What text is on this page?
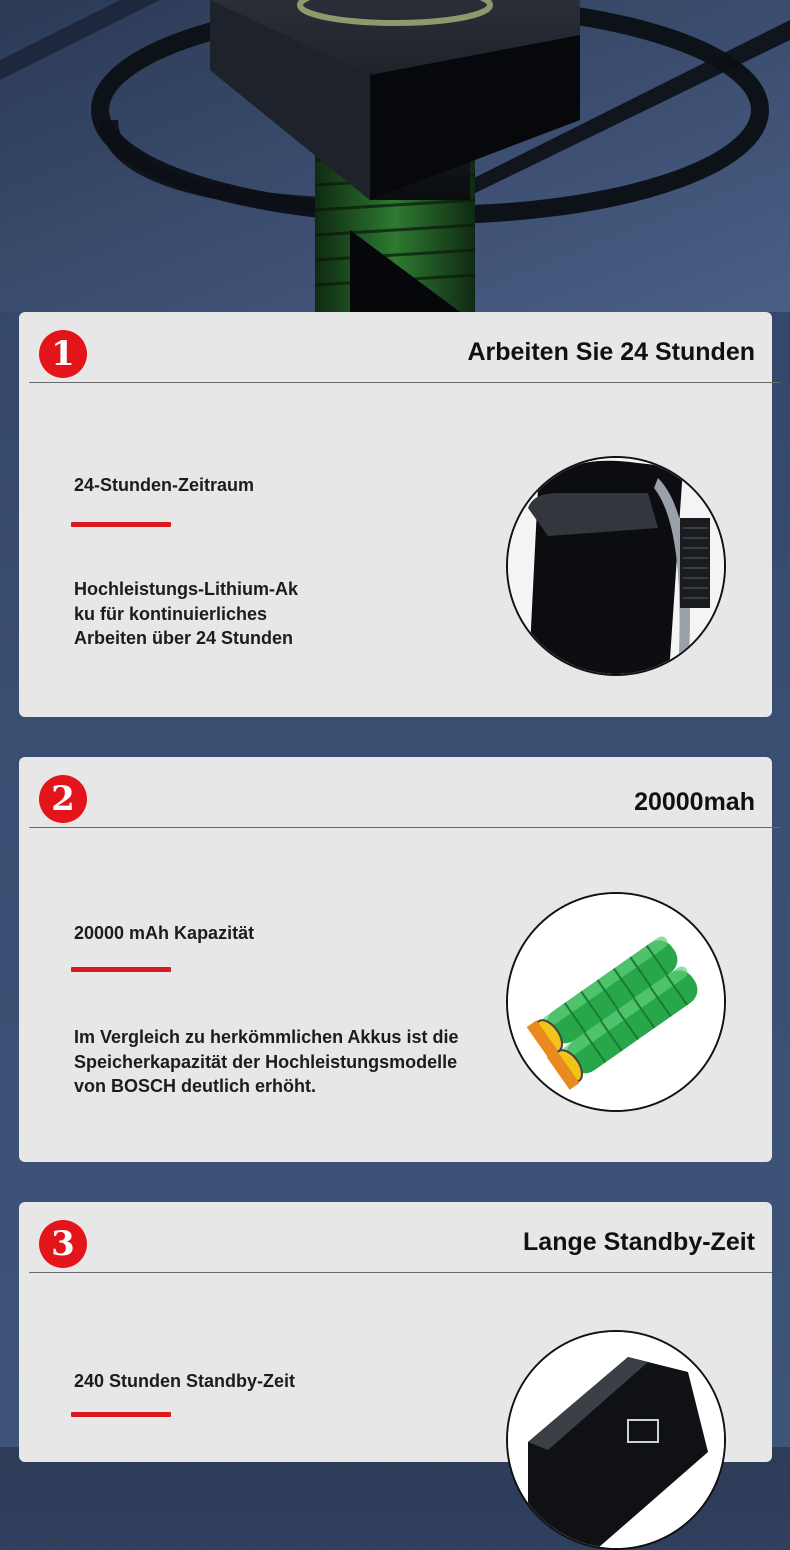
1	Arbeiten Sie 24 Stunden
24-Stunden-Zeitraum
Hochleistungs-Lithium-Ak
ku für kontinuierliches
Arbeiten über 24 Stunden
2	20000mah
20000 mAh Kapazität
Im Vergleich zu herkömmlichen Akkus ist die
Speicherkapazität der Hochleistungsmodelle
von BOSCH deutlich erhöht.
3	Lange Standby-Zeit
240 Stunden Standby-Zeit
